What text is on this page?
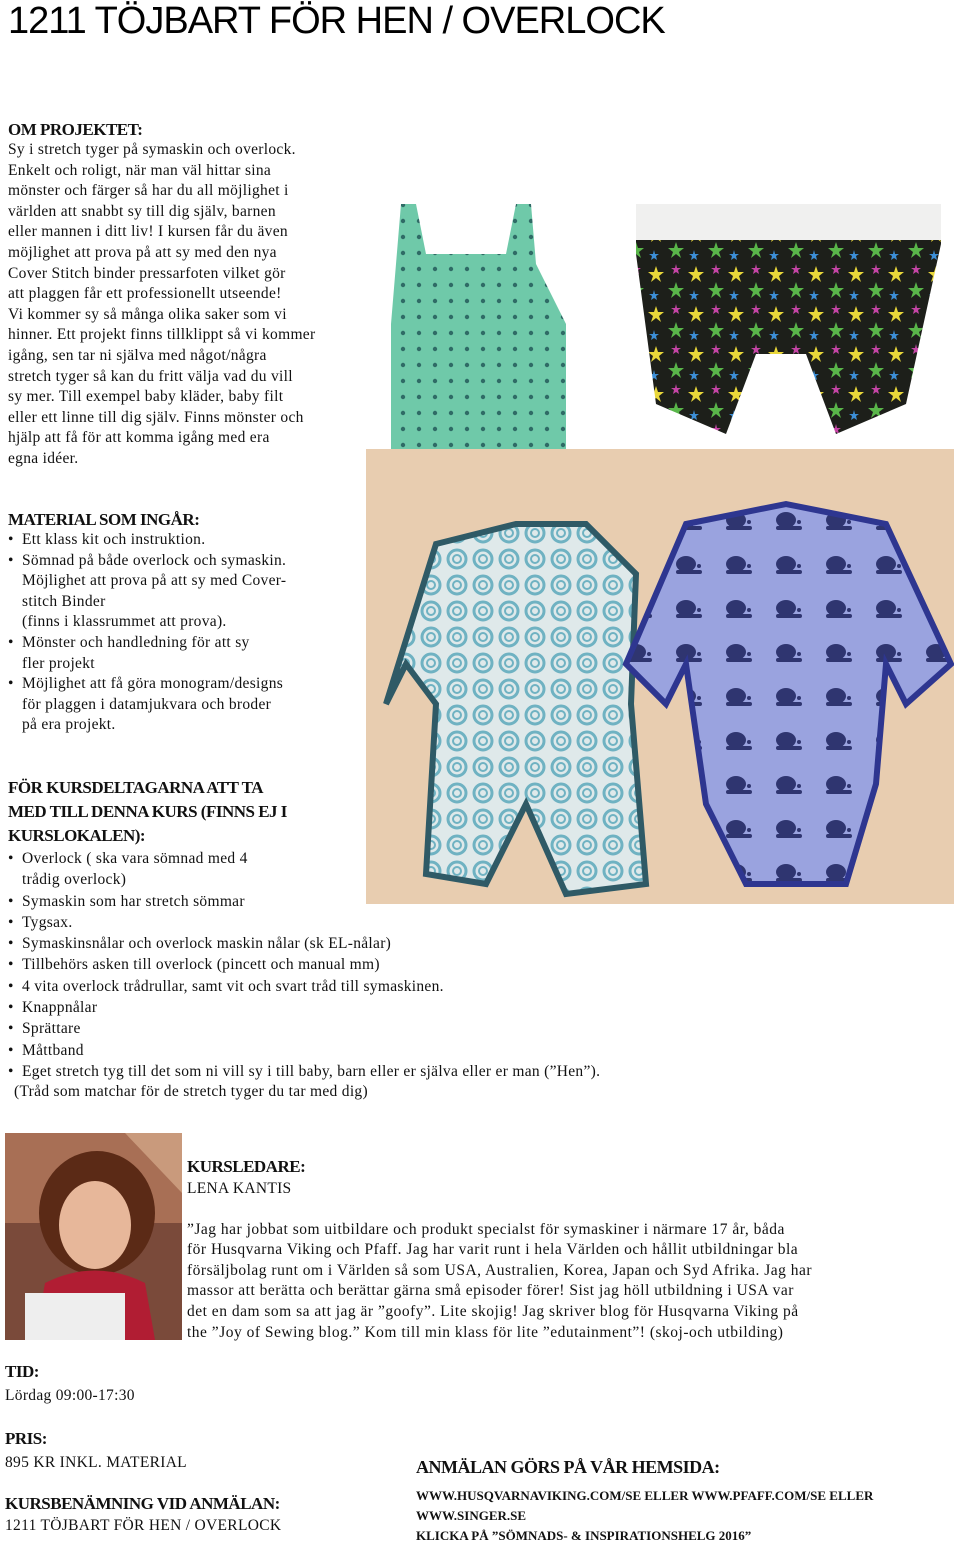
1211 TÖJBART FÖR HEN / OVERLOCK
OM PROJEKTET:
Sy i stretch tyger på symaskin och overlock.
Enkelt och roligt, när man väl hittar sina
mönster och färger så har du all möjlighet i
världen att snabbt sy till dig själv, barnen
eller mannen i ditt liv! I kursen får du även
möjlighet att prova på att sy med den nya
Cover Stitch binder pressarfoten vilket gör
att plaggen får ett professionellt utseende!
Vi kommer sy så många olika saker som vi
hinner. Ett projekt finns tillklippt så vi kommer
igång, sen tar ni själva med något/några
stretch tyger så kan du fritt välja vad du vill
sy mer. Till exempel baby kläder, baby filt
eller ett linne till dig själv. Finns mönster och
hjälp att få för att komma igång med era
egna idéer.
MATERIAL SOM INGÅR:
• Ett klass kit och instruktion.
• Sömnad på både overlock och symaskin.
Möjlighet att prova på att sy med Cover-
stitch Binder
(finns i klassrummet att prova).
• Mönster och handledning för att sy
fler projekt
• Möjlighet att få göra monogram/designs
för plaggen i datamjukvara och broder
på era projekt.
FÖR KURSDELTAGARNA ATT TA
MED TILL DENNA KURS (FINNS EJ I
KURSLOKALEN):
• Overlock ( ska vara sömnad med 4
trådig overlock)
• Symaskin som har stretch sömmar
• Tygsax.
• Symaskinsnålar och overlock maskin nålar (sk EL-nålar)
• Tillbehörs asken till overlock (pincett och manual mm)
• 4 vita overlock trådrullar, samt vit och svart tråd till symaskinen.
• Knappnålar
• Sprättare
• Måttband
• Eget stretch tyg till det som ni vill sy i till baby, barn eller er själva eller er man (”Hen”).
(Tråd som matchar för de stretch tyger du tar med dig)
KURSLEDARE:
LENA KANTIS
”Jag har jobbat som uitbildare och produkt specialst för symaskiner i närmare 17 år, båda
för Husqvarna Viking och Pfaff. Jag har varit runt i hela Världen och hållit utbildningar bla
försäljbolag runt om i Världen så som USA, Australien, Korea, Japan och Syd Afrika. Jag har
massor att berätta och berättar gärna små episoder förer! Sist jag höll utbildning i USA var
det en dam som sa att jag är ”goofy”. Lite skojig! Jag skriver blog för Husqvarna Viking på
the ”Joy of Sewing blog.” Kom till min klass för lite ”edutainment”! (skoj-och utbilding)
TID:
Lördag 09:00-17:30
PRIS:
895 KR INKL. MATERIAL
KURSBENÄMNING VID ANMÄLAN:
1211 TÖJBART FÖR HEN / OVERLOCK
ANMÄLAN GÖRS PÅ VÅR HEMSIDA:
WWW.HUSQVARNAVIKING.COM/SE ELLER WWW.PFAFF.COM/SE ELLER
WWW.SINGER.SE
KLICKA PÅ ”SÖMNADS- & INSPIRATIONSHELG 2016”
